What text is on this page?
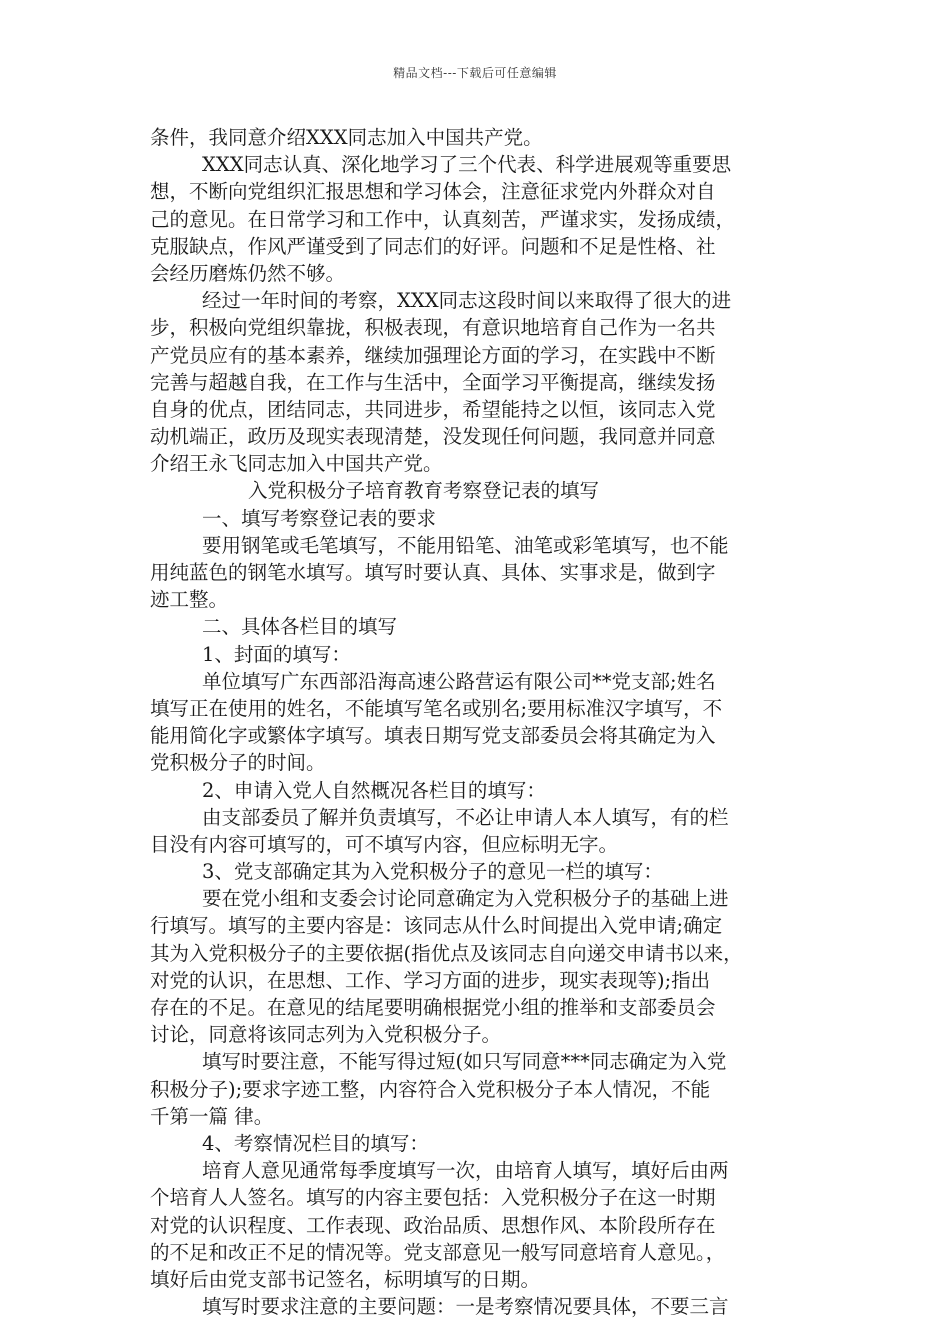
精品文档---下载后可任意编辑
条件，我同意介绍XXX同志加入中国共产党。
XXX同志认真、深化地学习了三个代表、科学进展观等重要思
想，不断向党组织汇报思想和学习体会，注意征求党内外群众对自
己的意见。在日常学习和工作中，认真刻苦，严谨求实，发扬成绩，
克服缺点，作风严谨受到了同志们的好评。问题和不足是性格、社
会经历磨炼仍然不够。
经过一年时间的考察，XXX同志这段时间以来取得了很大的进
步，积极向党组织靠拢，积极表现，有意识地培育自己作为一名共
产党员应有的基本素养，继续加强理论方面的学习，在实践中不断
完善与超越自我，在工作与生活中，全面学习平衡提高，继续发扬
自身的优点，团结同志，共同进步，希望能持之以恒，该同志入党
动机端正，政历及现实表现清楚，没发现任何问题，我同意并同意
介绍王永飞同志加入中国共产党。
入党积极分子培育教育考察登记表的填写
一、填写考察登记表的要求
要用钢笔或毛笔填写，不能用铅笔、油笔或彩笔填写，也不能
用纯蓝色的钢笔水填写。填写时要认真、具体、实事求是，做到字
迹工整。
二、具体各栏目的填写
1、封面的填写：
单位填写广东西部沿海高速公路营运有限公司**党支部;姓名
填写正在使用的姓名，不能填写笔名或别名;要用标准汉字填写，不
能用简化字或繁体字填写。填表日期写党支部委员会将其确定为入
党积极分子的时间。
2、申请入党人自然概况各栏目的填写：
由支部委员了解并负责填写，不必让申请人本人填写，有的栏
目没有内容可填写的，可不填写内容，但应标明无字。
3、党支部确定其为入党积极分子的意见一栏的填写：
要在党小组和支委会讨论同意确定为入党积极分子的基础上进
行填写。填写的主要内容是：该同志从什么时间提出入党申请;确定
其为入党积极分子的主要依据(指优点及该同志自向递交申请书以来，
对党的认识，在思想、工作、学习方面的进步，现实表现等);指出
存在的不足。在意见的结尾要明确根据党小组的推举和支部委员会
讨论，同意将该同志列为入党积极分子。
填写时要注意，不能写得过短(如只写同意***同志确定为入党
积极分子);要求字迹工整，内容符合入党积极分子本人情况，不能
千第一篇 律。
4、考察情况栏目的填写：
培育人意见通常每季度填写一次，由培育人填写，填好后由两
个培育人人签名。填写的内容主要包括：入党积极分子在这一时期
对党的认识程度、工作表现、政治品质、思想作风、本阶段所存在
的不足和改正不足的情况等。党支部意见一般写同意培育人意见。，
填好后由党支部书记签名，标明填写的日期。
填写时要求注意的主要问题：一是考察情况要具体，不要三言
